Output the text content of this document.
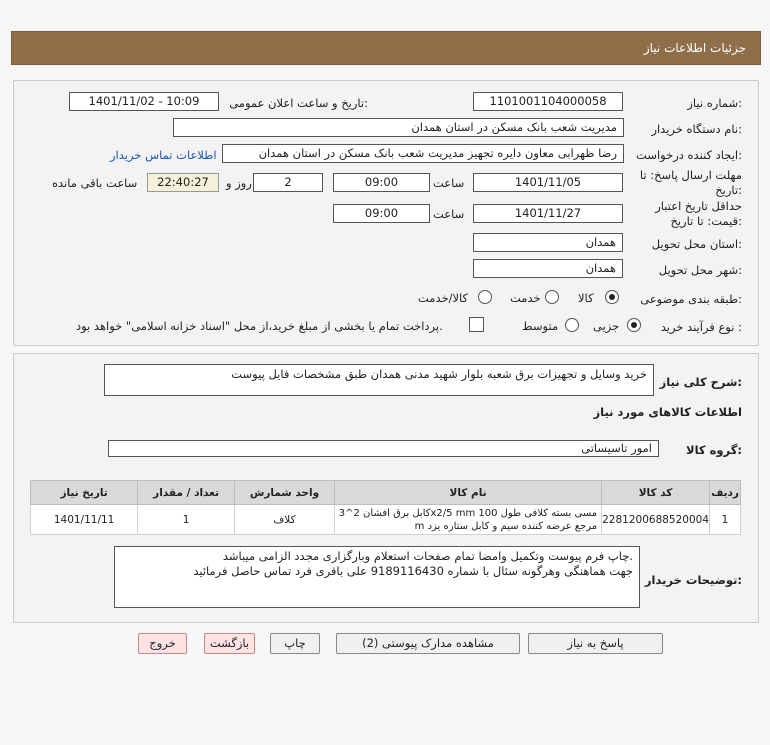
جزئیات اطلاعات نیاز
شماره نیاز:
1101001104000058
تاریخ و ساعت اعلان عمومی:
1401/11/02 - 10:09
نام دستگاه خریدار:
مدیریت شعب بانک مسکن در استان همدان
ایجاد کننده درخواست:
رضا ظهرابی معاون دایره تجهیز مدیریت شعب بانک مسکن در استان همدان
اطلاعات تماس خریدار
مهلت ارسال پاسخ: تا
تاریخ:
1401/11/05
ساعت
09:00
2
روز و
22:40:27
ساعت باقی مانده
حداقل تاریخ اعتبار
قیمت: تا تاریخ:
1401/11/27
ساعت
09:00
استان محل تحویل:
همدان
شهر محل تحویل:
همدان
طبقه بندی موضوعی:
کالا
خدمت
کالا/خدمت
نوع فرآیند خرید :
جزیی
متوسط
پرداخت تمام یا بخشی از مبلغ خرید،از محل "اسناد خزانه اسلامی" خواهد بود.
شرح کلی نیاز:
خرید وسایل و تجهیزات برق شعبه بلوار شهید مدنی همدان طبق مشخصات فایل پیوست
اطلاعات کالاهای مورد نیاز
گروه کالا:
امور تاسیساتی
تاریخ نیاز	تعداد / مقدار	واحد شمارش	نام کالا	کد کالا	ردیف
1401/11/11	1	کلاف	کابل برق افشان 2^3x2/5 mm مسی بسته کلافی طول 100
m مرجع عرضه کننده سیم و کابل ستاره یزد	2281200688520004	1
توضیحات خریدار:
چاپ فرم پیوست وتکمیل وامضا تمام صفحات استعلام وبارگزاری مجدد الزامی میباشد.
جهت هماهنگی وهرگونه سئال با شماره 9189116430 علی باقری فرد تماس حاصل فرمائید
پاسخ به نیاز
مشاهده مدارک پیوستی (2)
چاپ
بازگشت
خروج
